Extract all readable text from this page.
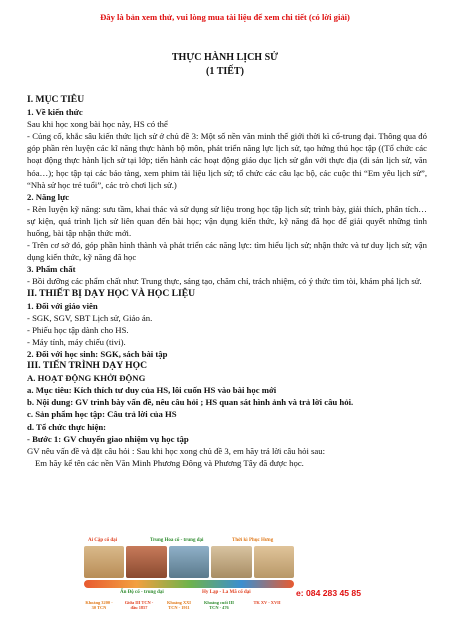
Đây là bản xem thử, vui lòng mua tài liệu để xem chi tiết (có lời giải)
THỰC HÀNH LỊCH SỬ
(1 TIẾT)

I. MỤC TIÊU

1. Về kiến thức

Sau khi học xong bài học này, HS có thể

- Củng cố, khắc sâu kiến thức lịch sử ở chủ đề 3: Một số nền văn minh thế giới thời kì cổ-trung đại. Thông qua đó góp phần rèn luyện các kĩ năng thực hành bộ môn, phát triển năng lực lịch sử, tạo hứng thú học tập ((Tổ chức các hoạt động thực hành lịch sử tại lớp; tiến hành các hoạt động giáo dục lịch sử gắn với thực địa (di sản lịch sử, văn hóa…); học tập tại các bảo tàng, xem phim tài liệu lịch sử; tổ chức các câu lạc bộ, các cuộc thi “Em yêu lịch sử”, “Nhà sử học trẻ tuổi”, các trò chơi lịch sử.)

2. Năng lực

- Rèn luyện kỹ năng: sưu tầm, khai thác và sử dụng sử liệu trong học tập lịch sử; trình bày, giải thích, phân tích… sự kiện, quá trình lịch sử liên quan đến bài học; vận dụng kiến thức, kỹ năng đã học để giải quyết những tình huống, bài tập nhận thức mới.

- Trên cơ sở đó, góp phần hình thành và phát triển các năng lực: tìm hiểu lịch sử; nhận thức và tư duy lịch sử; vận dụng kiến thức, kỹ năng đã học

3. Phẩm chất

- Bồi dưỡng các phẩm chất như: Trung thực, sáng tạo, chăm chỉ, trách nhiệm, có ý thức tìm tòi, khám phá lịch sử.

II. THIẾT BỊ DẠY HỌC VÀ HỌC LIỆU

1. Đối với giáo viên

- SGK, SGV, SBT Lịch sử, Giáo án.

- Phiếu học tập dành cho HS.

- Máy tính, máy chiếu (tivi).

2. Đối với học sinh: SGK, sách bài tập

III. TIẾN TRÌNH DẠY HỌC

A. HOẠT ĐỘNG KHỞI ĐỘNG

a. Mục tiêu: Kích thích tư duy của HS, lôi cuốn HS vào bài học mới

b. Nội dung: GV trình bày vấn đề, nêu câu hỏi ; HS quan sát hình ảnh và trả lời câu hỏi.

c. Sản phẩm học tập: Câu trả lời của HS

d. Tổ chức thực hiện:

- Bước 1: GV chuyển giao nhiệm vụ học tập

GV nêu vấn đề và đặt câu hỏi : Sau khi học xong chủ đề 3, em hãy trả lời câu hỏi sau:

Em hãy kể tên các nền Văn Minh Phương Đông và Phương Tây đã được học.

Ai Cập cổ đại	Trung Hoa cổ - trung đại	Thời kì Phục Hưng
Ấn Độ cổ - trung đại	Hy Lạp - La Mã cổ đại
Khoảng 3200 - 30 TCN
Giữa III TCN - đầu 1857
Khoảng XXI TCN - 1911
Khoảng cuối III TCN - 476
TK XV - XVII
e: 084 283 45 85
